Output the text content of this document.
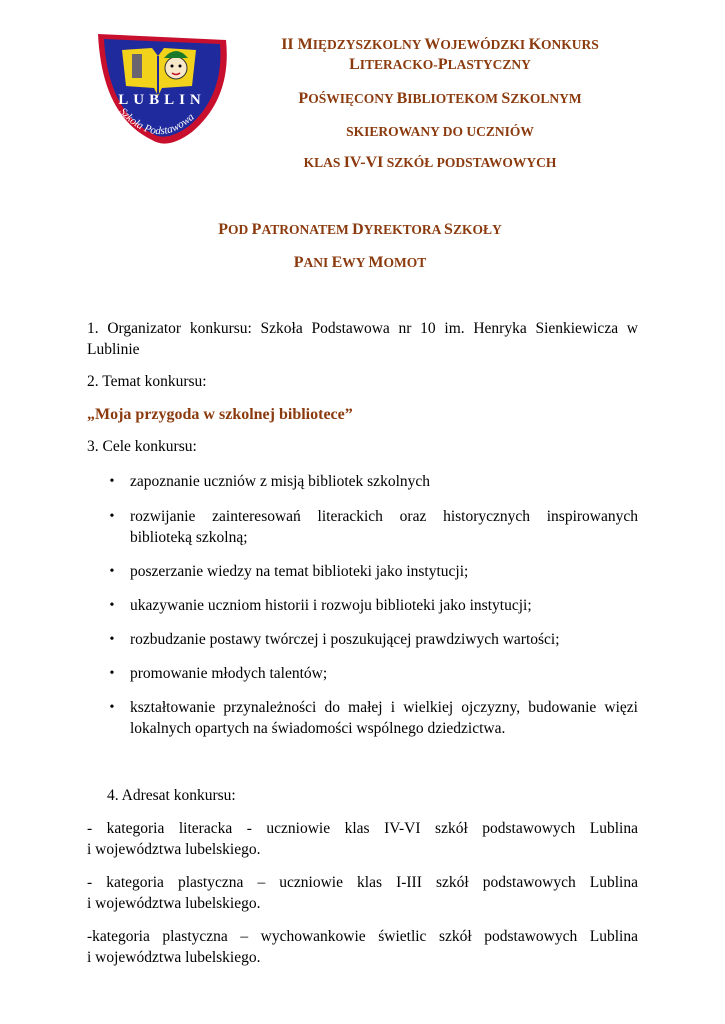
LUBLIN
Szkoła Podstawowa
II MIĘDZYSZKOLNY WOJEWÓDZKI KONKURS
LITERACKO-PLASTYCZNY
POŚWIĘCONY BIBLIOTEKOM SZKOLNYM
SKIEROWANY DO UCZNIÓW
KLAS IV-VI SZKÓŁ PODSTAWOWYCH
POD PATRONATEM DYREKTORA SZKOŁY
PANI EWY MOMOT
1. Organizator konkursu: Szkoła Podstawowa nr 10 im. Henryka Sienkiewicza w
Lublinie
2. Temat konkursu:
„Moja przygoda w szkolnej bibliotece”
3. Cele konkursu:
• zapoznanie uczniów z misją bibliotek szkolnych
• rozwijanie zainteresowań literackich oraz historycznych inspirowanych
biblioteką szkolną;
• poszerzanie wiedzy na temat biblioteki jako instytucji;
• ukazywanie uczniom historii i rozwoju biblioteki jako instytucji;
• rozbudzanie postawy twórczej i poszukującej prawdziwych wartości;
• promowanie młodych talentów;
• kształtowanie przynależności do małej i wielkiej ojczyzny, budowanie więzi
lokalnych opartych na świadomości wspólnego dziedzictwa.
4. Adresat konkursu:
- kategoria literacka - uczniowie klas IV-VI szkół podstawowych Lublina
i województwa lubelskiego.
- kategoria plastyczna – uczniowie klas I-III szkół podstawowych Lublina
i województwa lubelskiego.
-kategoria plastyczna – wychowankowie świetlic szkół podstawowych Lublina
i województwa lubelskiego.
